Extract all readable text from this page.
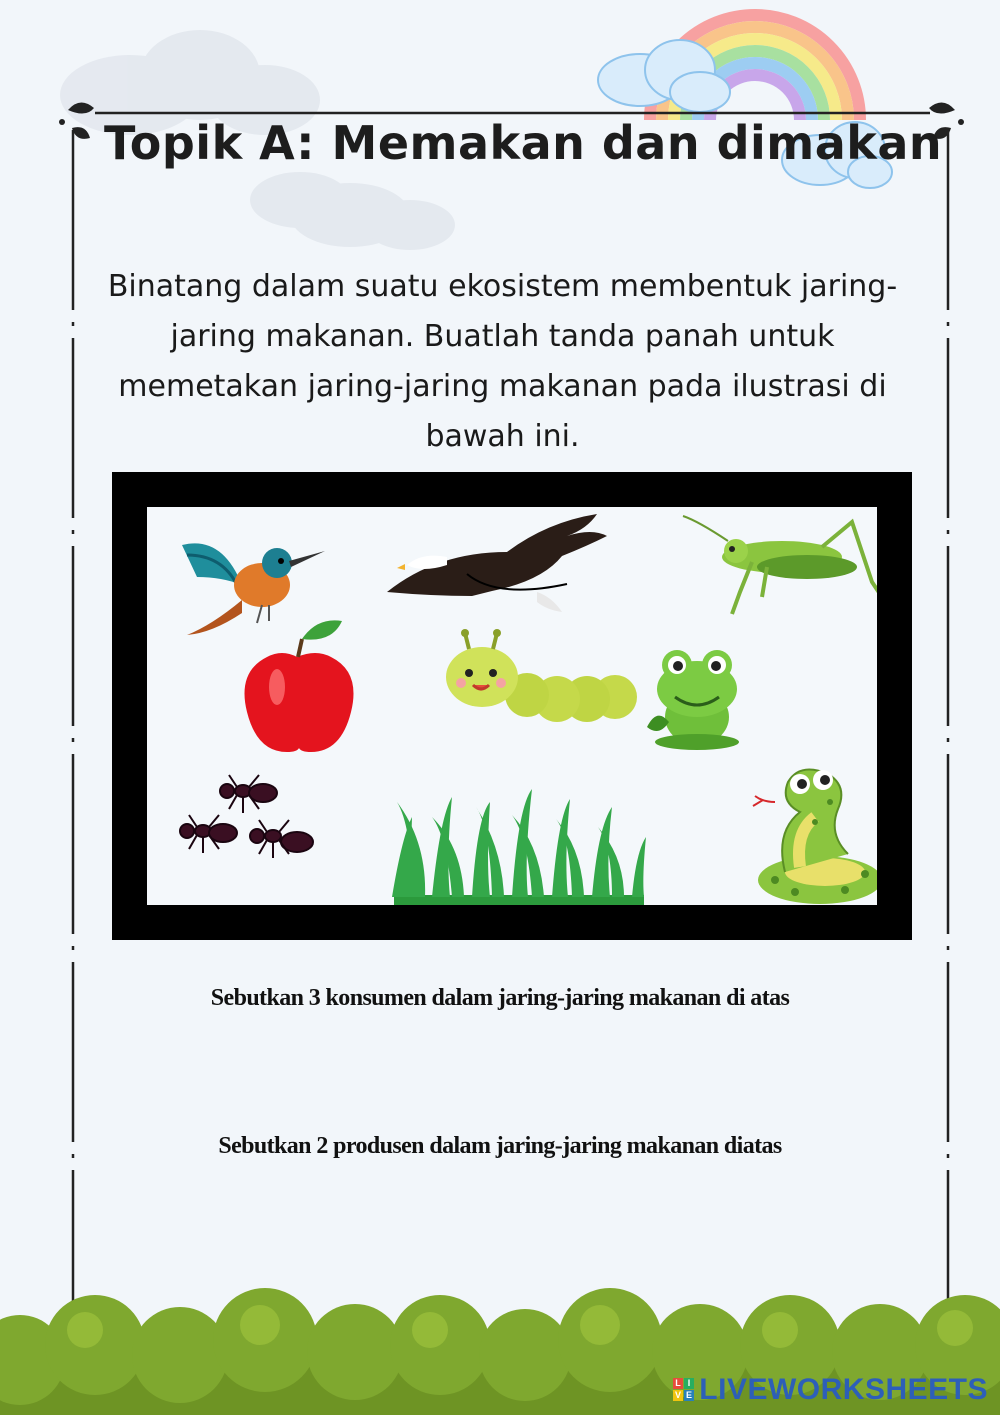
Topik A: Memakan dan dimakan
Binatang dalam suatu ekosistem membentuk jaring-jaring makanan. Buatlah tanda panah untuk memetakan jaring-jaring makanan pada ilustrasi di bawah ini.
Sebutkan 3 konsumen dalam jaring-jaring makanan di atas
Sebutkan 2 produsen dalam jaring-jaring makanan diatas
L I
V E LIVEWORKSHEETS
